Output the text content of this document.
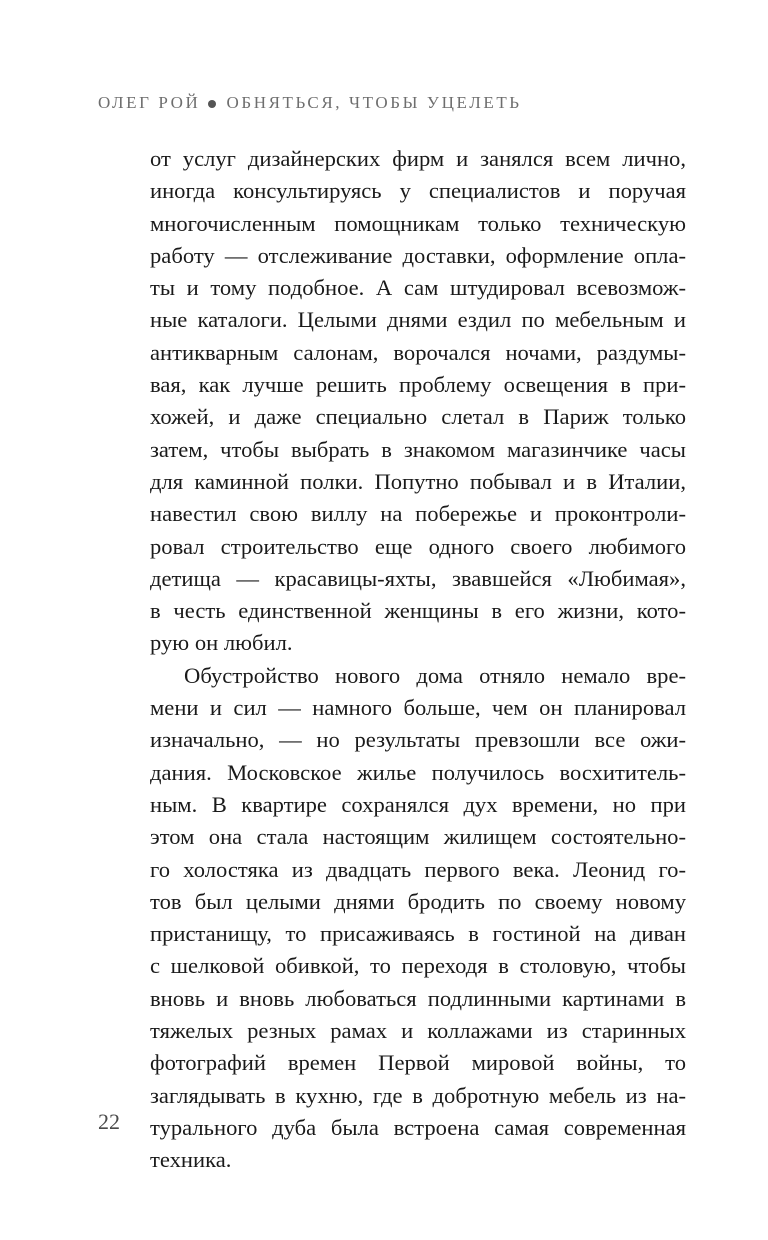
ОЛЕГ РОЙ ОБНЯТЬСЯ, ЧТОБЫ УЦЕЛЕТЬ
от услуг дизайнерских фирм и занялся всем лично,
иногда консультируясь у специалистов и поручая
многочисленным помощникам только техническую
работу — отслеживание доставки, оформление опла-
ты и тому подобное. А сам штудировал всевозмож-
ные каталоги. Целыми днями ездил по мебельным и
антикварным салонам, ворочался ночами, раздумы-
вая, как лучше решить проблему освещения в при-
хожей, и даже специально слетал в Париж только
затем, чтобы выбрать в знакомом магазинчике часы
для каминной полки. Попутно побывал и в Италии,
навестил свою виллу на побережье и проконтроли-
ровал строительство еще одного своего любимого
детища — красавицы-яхты, звавшейся «Любимая»,
в честь единственной женщины в его жизни, кото-
рую он любил.
Обустройство нового дома отняло немало вре-
мени и сил — намного больше, чем он планировал
изначально, — но результаты превзошли все ожи-
дания. Московское жилье получилось восхититель-
ным. В квартире сохранялся дух времени, но при
этом она стала настоящим жилищем состоятельно-
го холостяка из двадцать первого века. Леонид го-
тов был целыми днями бродить по своему новому
пристанищу, то присаживаясь в гостиной на диван
с шелковой обивкой, то переходя в столовую, чтобы
вновь и вновь любоваться подлинными картинами в
тяжелых резных рамах и коллажами из старинных
фотографий времен Первой мировой войны, то
заглядывать в кухню, где в добротную мебель из на-
турального дуба была встроена самая современная
техника.
22
